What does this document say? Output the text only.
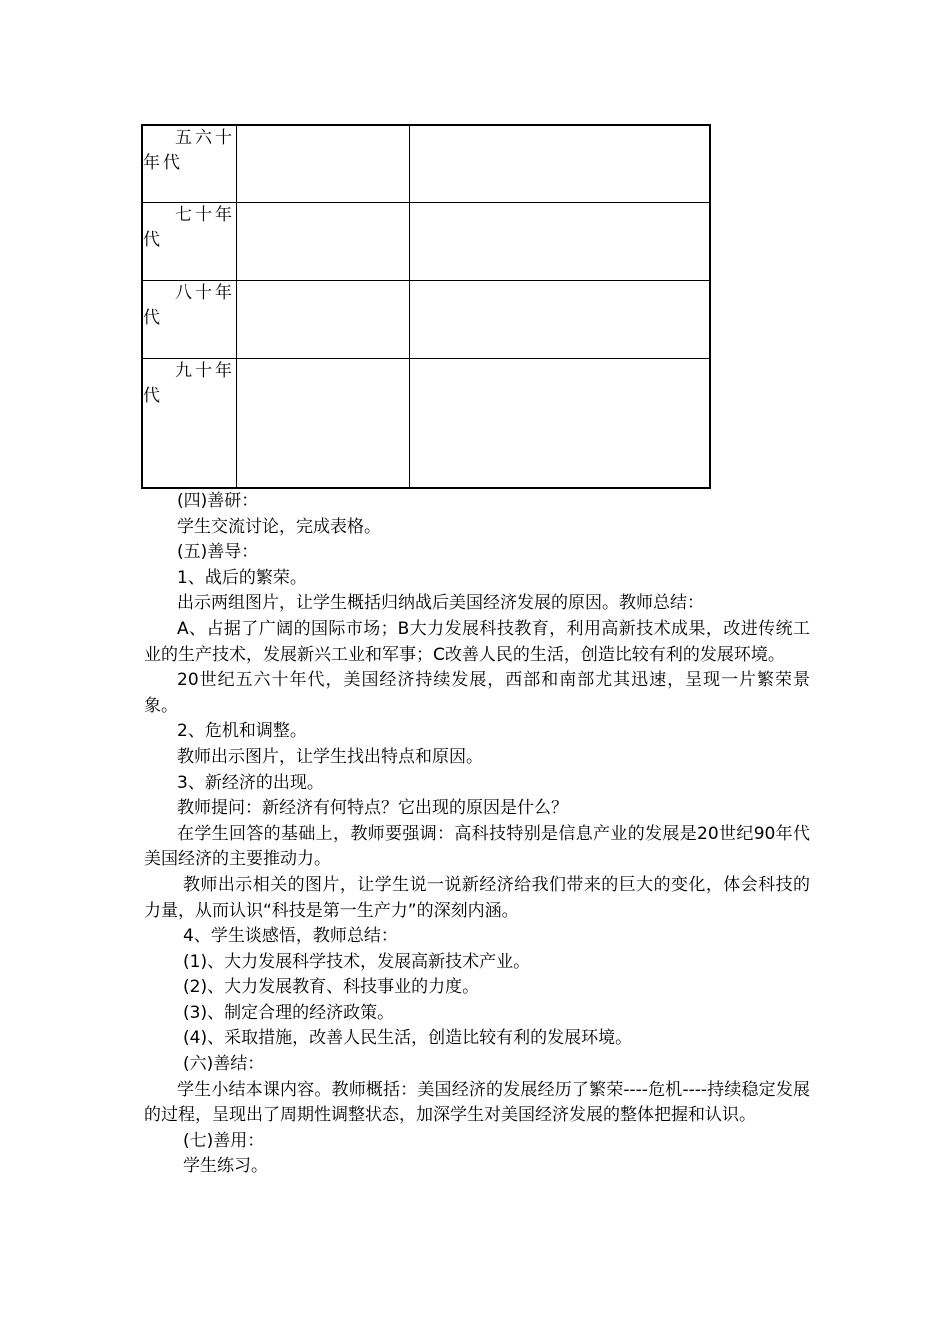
五六十年代		

七十年代		

八十年代		

九十年代		

(四)善研：

学生交流讨论，完成表格。

(五)善导：

1、战后的繁荣。

出示两组图片，让学生概括归纳战后美国经济发展的原因。教师总结：

A、占据了广阔的国际市场；B大力发展科技教育，利用高新技术成果，改进传统工业的生产技术，发展新兴工业和军事；C改善人民的生活，创造比较有利的发展环境。

20世纪五六十年代，美国经济持续发展，西部和南部尤其迅速，呈现一片繁荣景象。

2、危机和调整。

教师出示图片，让学生找出特点和原因。

3、新经济的出现。

教师提问：新经济有何特点？它出现的原因是什么？

在学生回答的基础上，教师要强调：高科技特别是信息产业的发展是20世纪90年代美国经济的主要推动力。

教师出示相关的图片，让学生说一说新经济给我们带来的巨大的变化，体会科技的力量，从而认识“科技是第一生产力”的深刻内涵。

4、学生谈感悟，教师总结：

(1)、大力发展科学技术，发展高新技术产业。

(2)、大力发展教育、科技事业的力度。

(3)、制定合理的经济政策。

(4)、采取措施，改善人民生活，创造比较有利的发展环境。

(六)善结：

学生小结本课内容。教师概括：美国经济的发展经历了繁荣----危机----持续稳定发展的过程，呈现出了周期性调整状态，加深学生对美国经济发展的整体把握和认识。

(七)善用：

学生练习。
